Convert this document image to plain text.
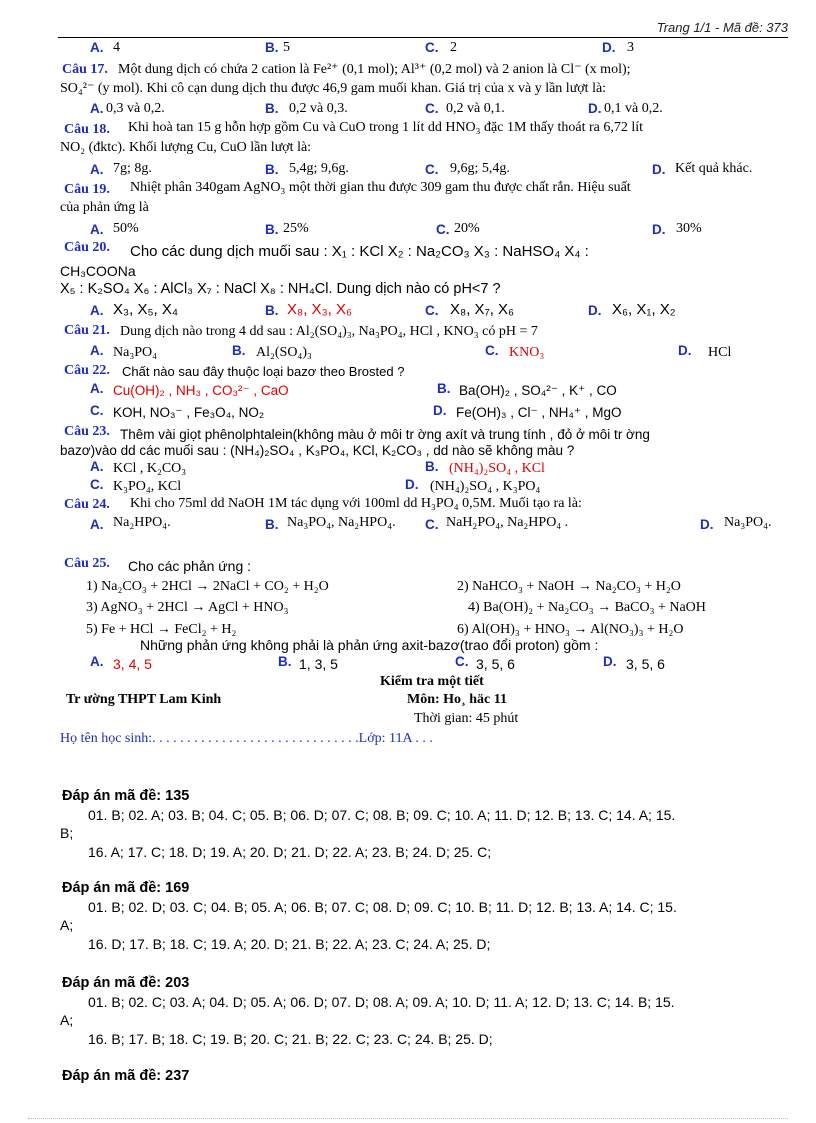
Trang 1/1 - Mã đề: 373
A. 4	B. 5	C. 2	D. 3
Câu 17. Một dung dịch có chứa 2 cation là Fe²⁺ (0,1 mol); Al³⁺ (0,2 mol) và 2 anion là Cl⁻ (x mol);
SO₄²⁻ (y mol). Khi cô cạn dung dịch thu được 46,9 gam muối khan. Giá trị của x và y lần lượt là:
A. 0,3 và 0,2.	B. 0,2 và 0,3.	C. 0,2 và 0,1.	D. 0,1 và 0,2.
Câu 18. Khi hoà tan 15 g hỗn hợp gồm Cu và CuO trong 1 lít dd HNO₃ đặc 1M thấy thoát ra 6,72 lít
NO₂ (đktc). Khối lượng Cu, CuO lần lượt là:
A. 7g; 8g.	B. 5,4g; 9,6g.	C. 9,6g; 5,4g.	D. Kết quả khác.
Câu 19. Nhiệt phân 340gam AgNO₃ một thời gian thu được 309 gam thu được chất rắn. Hiệu suất
của phản ứng là
A. 50%	B. 25%	C. 20%	D. 30%
Câu 20. Cho các dung dịch muối sau : X₁ : KCl X₂ : Na₂CO₃ X₃ : NaHSO₄ X₄ :
CH₃COONa
X₅ : K₂SO₄ X₆ : AlCl₃ X₇ : NaCl X₈ : NH₄Cl. Dung dịch nào có pH<7 ?
A. X₃, X₅, X₄	B. X₈, X₃, X₆	C. X₈, X₇, X₆	D. X₆, X₁, X₂
Câu 21. Dung dịch nào trong 4 dd sau : Al₂(SO₄)₃, Na₃PO₄, HCl , KNO₃ có pH = 7
A. Na₃PO₄	B. Al₂(SO₄)₃	C. KNO₃	D. HCl
Câu 22. Chất nào sau đây thuộc loại bazơ theo Brosted ?
A. Cu(OH)₂ , NH₃ , CO₃²⁻ , CaO	B. Ba(OH)₂ , SO₄²⁻ , K⁺ , CO
C. KOH, NO₃⁻ , Fe₃O₄, NO₂	D. Fe(OH)₃ , Cl⁻ , NH₄⁺ , MgO
Câu 23. Thêm vài giọt phênolphtalein(không màu ở môi tr ờng axít và trung tính , đỏ ở môi tr ờng
bazơ)vào dd các muối sau : (NH₄)₂SO₄ , K₃PO₄, KCl, K₂CO₃ , dd nào sẽ không màu ?
A. KCl , K₂CO₃	B. (NH₄)₂SO₄ , KCl
C. K₃PO₄, KCl	D. (NH₄)₂SO₄ , K₃PO₄
Câu 24. Khi cho 75ml dd NaOH 1M tác dụng với 100ml dd H₃PO₄ 0,5M. Muối tạo ra là:
A. Na₂HPO₄.	B. Na₃PO₄, Na₂HPO₄. C. NaH₂PO₄, Na₂HPO₄ .	D. Na₃PO₄.
Câu 25. Cho các phản ứng :
1) Na₂CO₃ + 2HCl → 2NaCl + CO₂ + H₂O	2) NaHCO₃ + NaOH → Na₂CO₃ + H₂O
3) AgNO₃ + 2HCl → AgCl + HNO₃	4) Ba(OH)₂ + Na₂CO₃ → BaCO₃ + NaOH
5) Fe + HCl → FeCl₂ + H₂	6) Al(OH)₃ + HNO₃ → Al(NO₃)₃ + H₂O
Những phản ứng không phải là phản ứng axit-bazơ(trao đổi proton) gồm :
A. 3, 4, 5	B. 1, 3, 5	C. 3, 5, 6	D. 3, 5, 6
Kiểm tra một tiết
Tr ường THPT Lam Kinh	Môn: Ho¸ häc 11
Thời gian: 45 phút
Họ tên học sinh:. . . . . . . . . . . . . . . . . . . . . . . . . . . . . .Lớp: 11A . . .
Đáp án mã đề: 135
01. B; 02. A; 03. B; 04. C; 05. B; 06. D; 07. C; 08. B; 09. C; 10. A; 11. D; 12. B; 13. C; 14. A; 15.
B;
16. A; 17. C; 18. D; 19. A; 20. D; 21. D; 22. A; 23. B; 24. D; 25. C;
Đáp án mã đề: 169
01. B; 02. D; 03. C; 04. B; 05. A; 06. B; 07. C; 08. D; 09. C; 10. B; 11. D; 12. B; 13. A; 14. C; 15.
A;
16. D; 17. B; 18. C; 19. A; 20. D; 21. B; 22. A; 23. C; 24. A; 25. D;
Đáp án mã đề: 203
01. B; 02. C; 03. A; 04. D; 05. A; 06. D; 07. D; 08. A; 09. A; 10. D; 11. A; 12. D; 13. C; 14. B; 15.
A;
16. B; 17. B; 18. C; 19. B; 20. C; 21. B; 22. C; 23. C; 24. B; 25. D;
Đáp án mã đề: 237
